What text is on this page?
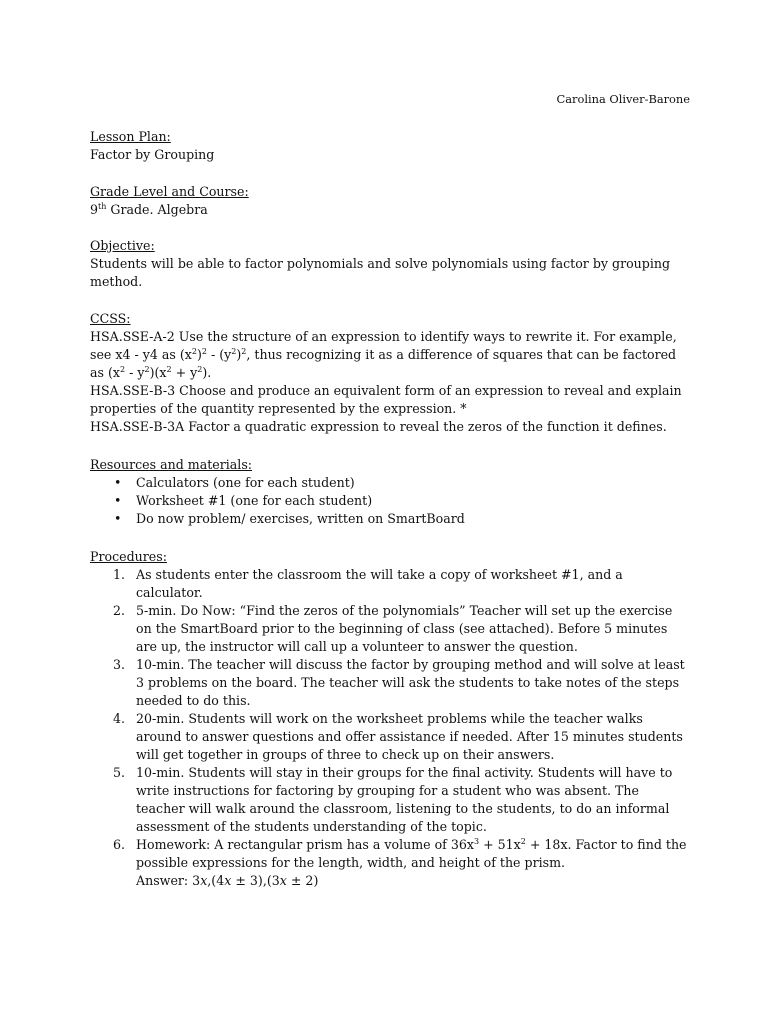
Carolina Oliver-Barone
Lesson Plan:
Factor by Grouping
Grade Level and Course:
9th Grade. Algebra
Objective:
Students will be able to factor polynomials and solve polynomials using factor by grouping method.
CCSS:
HSA.SSE-A-2 Use the structure of an expression to identify ways to rewrite it. For example, see x4 - y4 as $(x^2)^2 - (y^2)^2$, thus recognizing it as a difference of squares that can be factored as $(x^2 - y^2)(x^2 + y^2)$.
HSA.SSE-B-3 Choose and produce an equivalent form of an expression to reveal and explain properties of the quantity represented by the expression. *
HSA.SSE-B-3A Factor a quadratic expression to reveal the zeros of the function it defines.
Resources and materials:
• Calculators (one for each student)
• Worksheet #1 (one for each student)
• Do now problem/ exercises, written on SmartBoard
Procedures:
1. As students enter the classroom the will take a copy of worksheet #1, and a calculator.
2. 5-min. Do Now: “Find the zeros of the polynomials” Teacher will set up the exercise on the SmartBoard prior to the beginning of class (see attached). Before 5 minutes are up, the instructor will call up a volunteer to answer the question.
3. 10-min. The teacher will discuss the factor by grouping method and will solve at least 3 problems on the board. The teacher will ask the students to take notes of the steps needed to do this.
4. 20-min. Students will work on the worksheet problems while the teacher walks around to answer questions and offer assistance if needed. After 15 minutes students will get together in groups of three to check up on their answers.
5. 10-min. Students will stay in their groups for the final activity. Students will have to write instructions for factoring by grouping for a student who was absent. The teacher will walk around the classroom, listening to the students, to do an informal assessment of the students understanding of the topic.
6. Homework: A rectangular prism has a volume of $36x^3 + 51x^2 + 18x$. Factor to find the possible expressions for the length, width, and height of the prism.
Answer: 3x,(4x ± 3),(3x ± 2)
